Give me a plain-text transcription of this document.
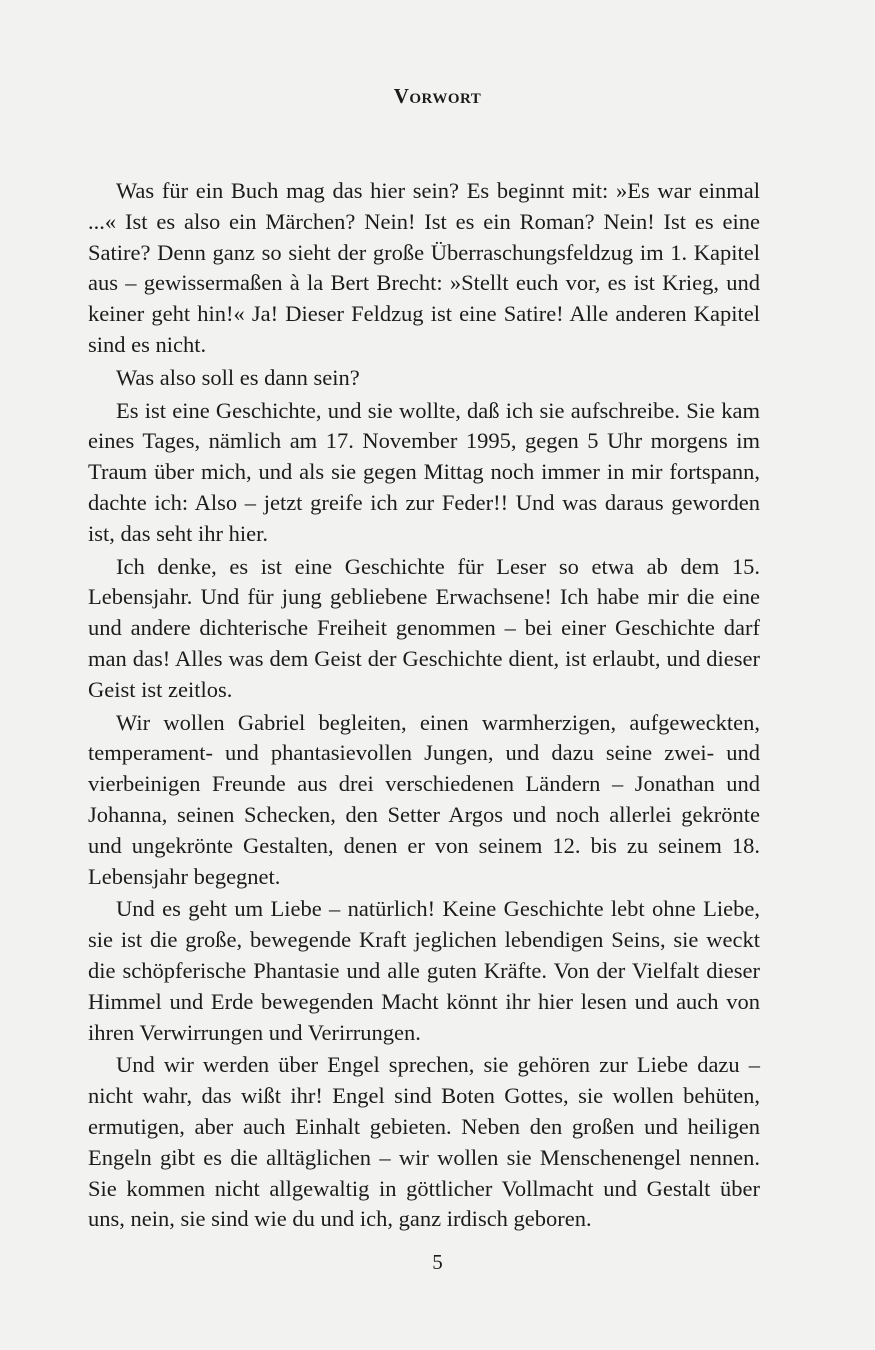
Vorwort

Was für ein Buch mag das hier sein? Es beginnt mit: »Es war einmal ...« Ist es also ein Märchen? Nein! Ist es ein Roman? Nein! Ist es eine Satire? Denn ganz so sieht der große Überraschungsfeldzug im 1. Kapitel aus – gewissermaßen à la Bert Brecht: »Stellt euch vor, es ist Krieg, und keiner geht hin!« Ja! Dieser Feldzug ist eine Satire! Alle anderen Kapitel sind es nicht.

Was also soll es dann sein?

Es ist eine Geschichte, und sie wollte, daß ich sie aufschreibe. Sie kam eines Tages, nämlich am 17. November 1995, gegen 5 Uhr morgens im Traum über mich, und als sie gegen Mittag noch immer in mir fortspann, dachte ich: Also – jetzt greife ich zur Feder!! Und was daraus geworden ist, das seht ihr hier.

Ich denke, es ist eine Geschichte für Leser so etwa ab dem 15. Lebensjahr. Und für jung gebliebene Erwachsene! Ich habe mir die eine und andere dichterische Freiheit genommen – bei einer Geschichte darf man das! Alles was dem Geist der Geschichte dient, ist erlaubt, und dieser Geist ist zeitlos.

Wir wollen Gabriel begleiten, einen warmherzigen, aufgeweckten, temperament- und phantasievollen Jungen, und dazu seine zwei- und vierbeinigen Freunde aus drei verschiedenen Ländern – Jonathan und Johanna, seinen Schecken, den Setter Argos und noch allerlei gekrönte und ungekrönte Gestalten, denen er von seinem 12. bis zu seinem 18. Lebensjahr begegnet.

Und es geht um Liebe – natürlich! Keine Geschichte lebt ohne Liebe, sie ist die große, bewegende Kraft jeglichen lebendigen Seins, sie weckt die schöpferische Phantasie und alle guten Kräfte. Von der Vielfalt dieser Himmel und Erde bewegenden Macht könnt ihr hier lesen und auch von ihren Verwirrungen und Verirrungen.

Und wir werden über Engel sprechen, sie gehören zur Liebe dazu – nicht wahr, das wißt ihr! Engel sind Boten Gottes, sie wollen behüten, ermutigen, aber auch Einhalt gebieten. Neben den großen und heiligen Engeln gibt es die alltäglichen – wir wollen sie Menschenengel nennen. Sie kommen nicht allgewaltig in göttlicher Vollmacht und Gestalt über uns, nein, sie sind wie du und ich, ganz irdisch geboren.

5
